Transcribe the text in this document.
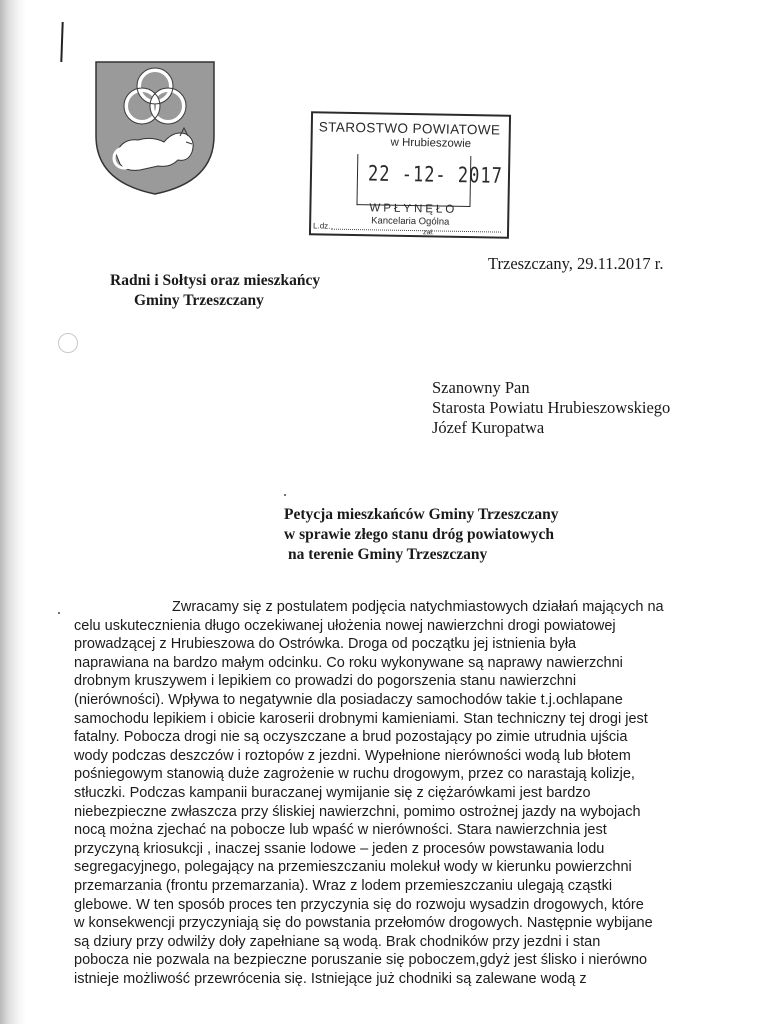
STAROSTWO POWIATOWE
w Hrubieszowie
22 -12- 2017
WPŁYNĘŁO
Kancelaria Ogólna
L.dz.
zał.
Trzeszczany, 29.11.2017 r.
Radni i Sołtysi oraz mieszkańcy
Gminy Trzeszczany
Szanowny Pan
Starosta Powiatu Hrubieszowskiego
Józef Kuropatwa
Petycja mieszkańców Gminy Trzeszczany
w sprawie złego stanu dróg powiatowych
na terenie Gminy Trzeszczany
Zwracamy się z postulatem podjęcia natychmiastowych działań mających na
celu uskutecznienia długo oczekiwanej ułożenia nowej nawierzchni drogi powiatowej
prowadzącej z Hrubieszowa do Ostrówka. Droga od początku jej istnienia była
naprawiana na bardzo małym odcinku. Co roku wykonywane są naprawy nawierzchni
drobnym kruszywem i lepikiem co prowadzi do pogorszenia stanu nawierzchni
(nierówności). Wpływa to negatywnie dla posiadaczy samochodów takie t.j.ochlapane
samochodu lepikiem i obicie karoserii drobnymi kamieniami. Stan techniczny tej drogi jest
fatalny. Pobocza drogi nie są oczyszczane a brud pozostający po zimie utrudnia ujścia
wody podczas deszczów i roztopów z jezdni. Wypełnione nierówności wodą lub błotem
pośniegowym stanowią duże zagrożenie w ruchu drogowym, przez co narastają kolizje,
stłuczki. Podczas kampanii buraczanej wymijanie się z ciężarówkami jest bardzo
niebezpieczne zwłaszcza przy śliskiej nawierzchni, pomimo ostrożnej jazdy na wybojach
nocą można zjechać na pobocze lub wpaść w nierówności. Stara nawierzchnia jest
przyczyną kriosukcji , inaczej ssanie lodowe – jeden z procesów powstawania lodu
segregacyjnego, polegający na przemieszczaniu molekuł wody w kierunku powierzchni
przemarzania (frontu przemarzania). Wraz z lodem przemieszczaniu ulegają cząstki
glebowe. W ten sposób proces ten przyczynia się do rozwoju wysadzin drogowych, które
w konsekwencji przyczyniają się do powstania przełomów drogowych. Następnie wybijane
są dziury przy odwilży doły zapełniane są wodą. Brak chodników przy jezdni i stan
pobocza nie pozwala na bezpieczne poruszanie się poboczem,gdyż jest ślisko i nierówno
istnieje możliwość przewrócenia się. Istniejące już chodniki są zalewane wodą z
